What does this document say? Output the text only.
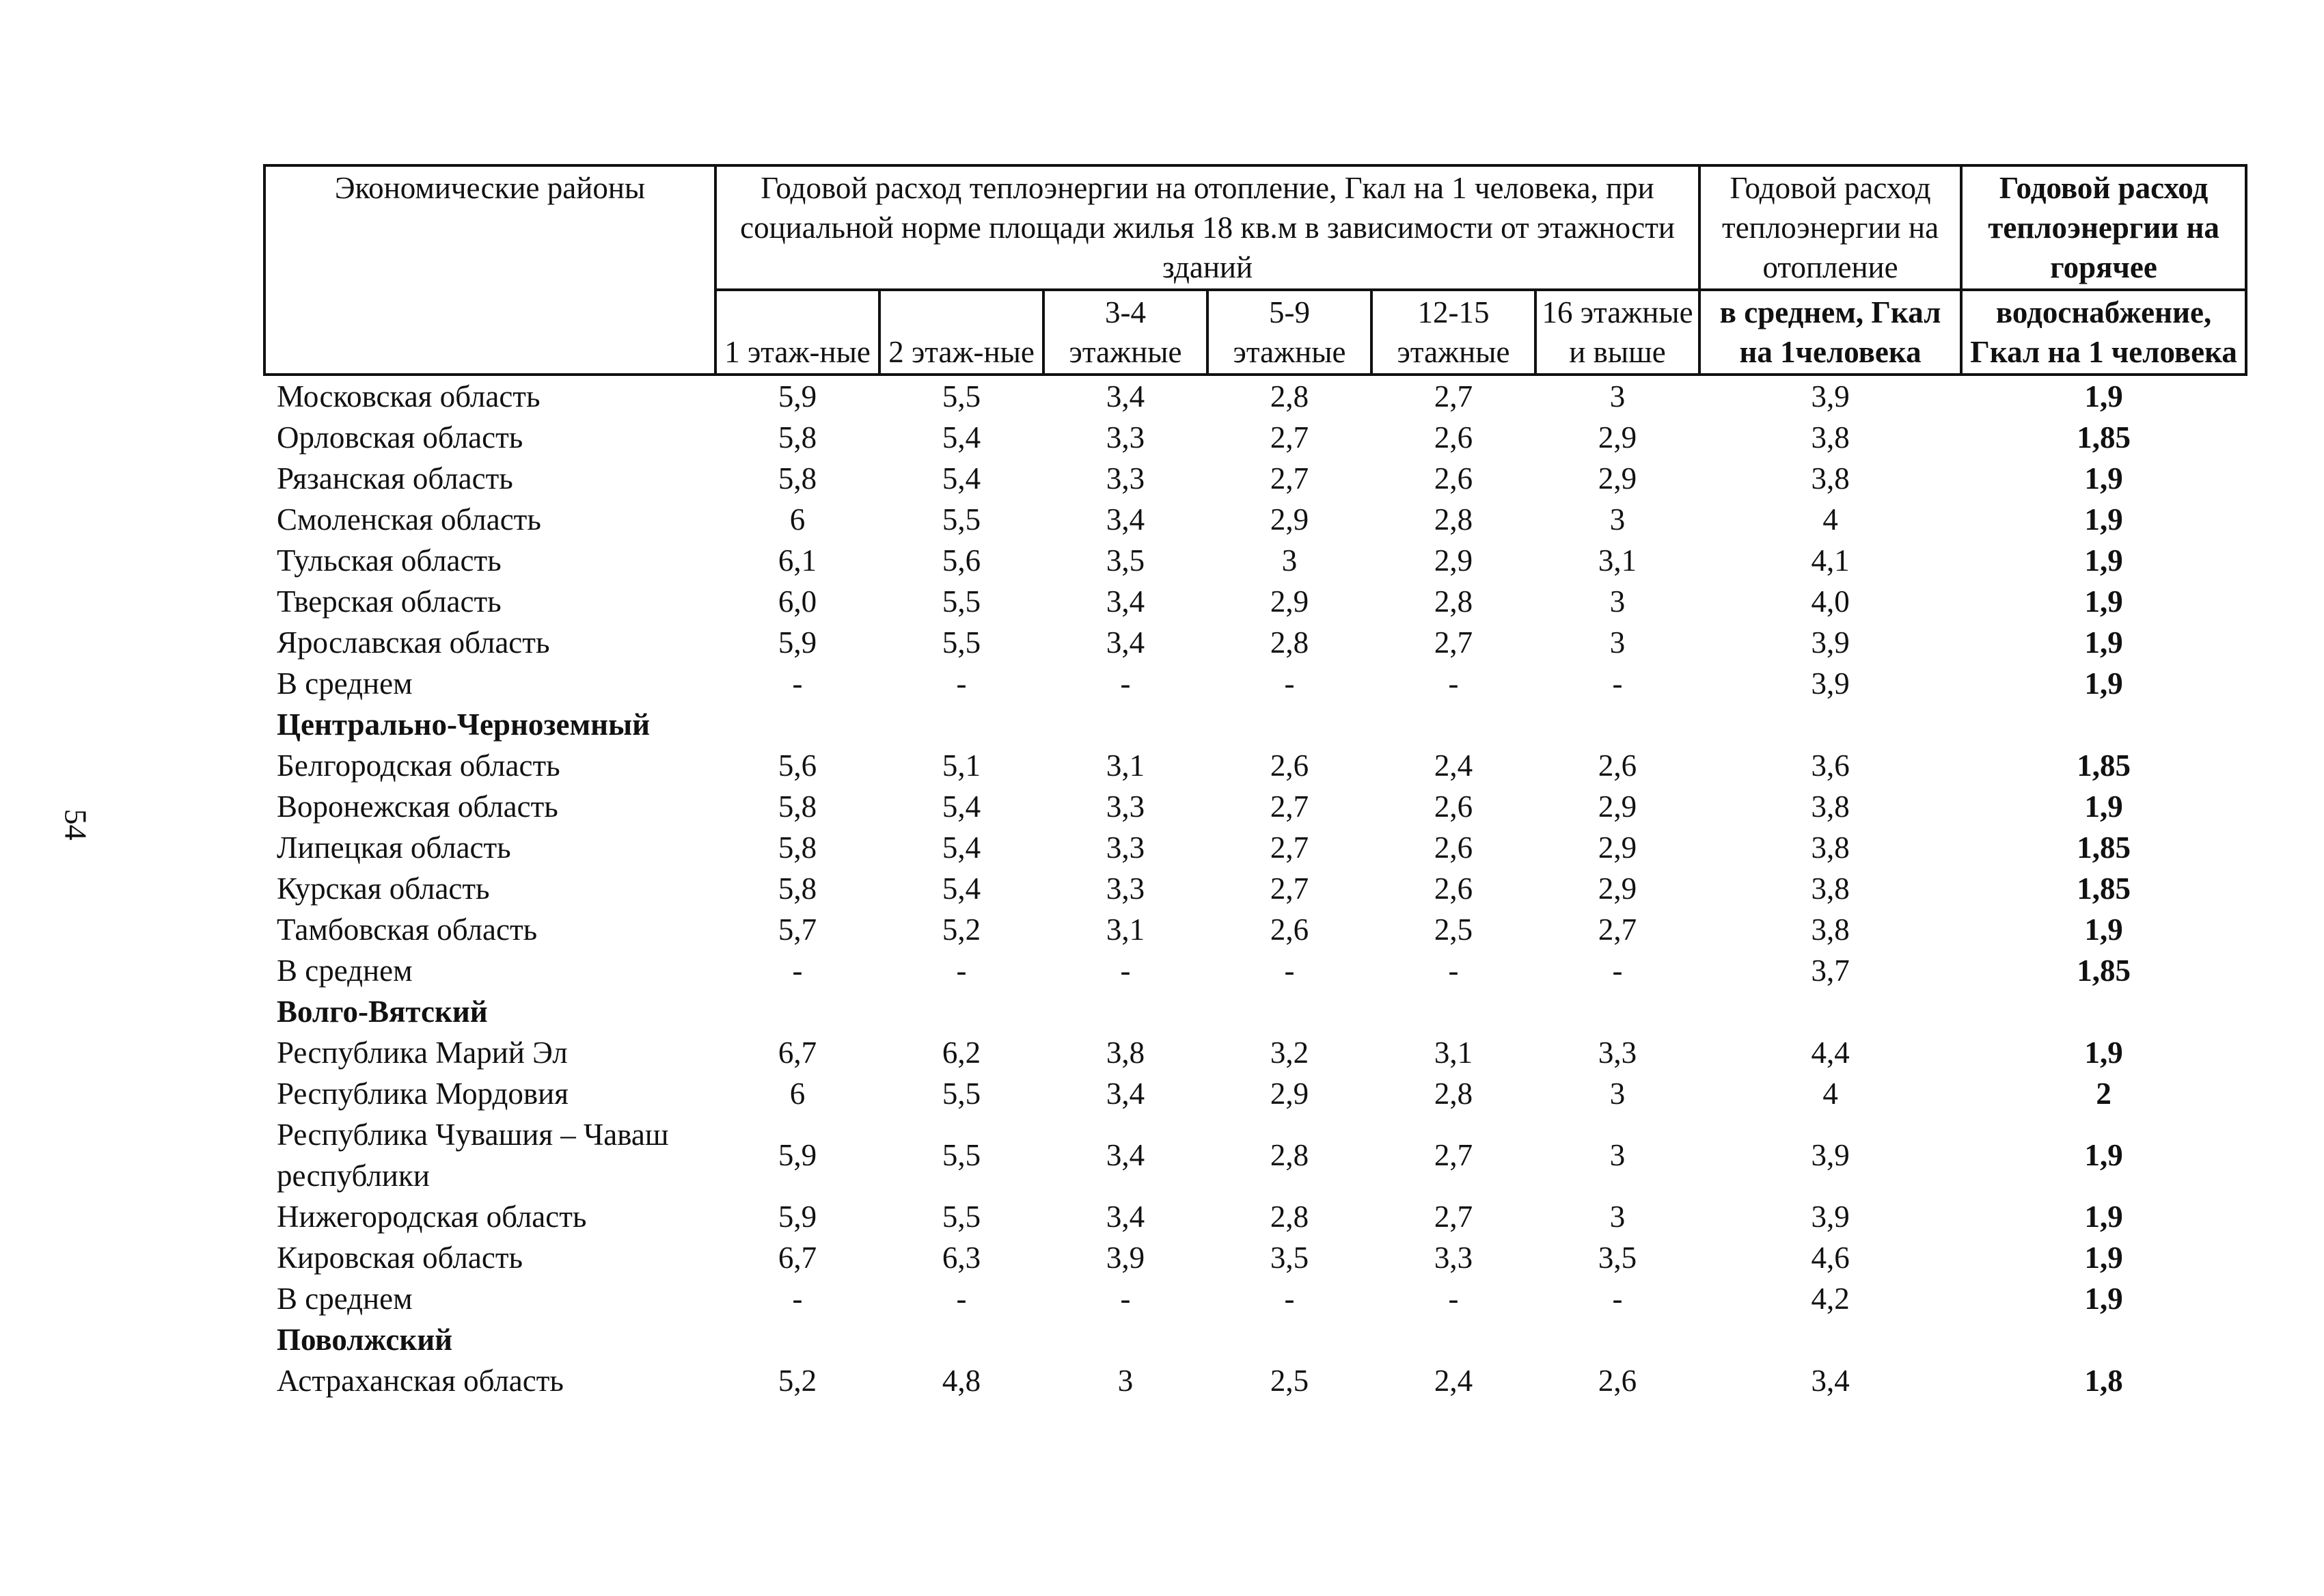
54
Экономические районы	Годовой расход теплоэнергии на отопление, Гкал на 1 человека, при социальной норме площади жилья 18 кв.м в зависимости от этажности зданий						Годовой расход теплоэнергии на отопление	Годовой расход теплоэнергии на горячее
	1 этаж-ные	2 этаж-ные	3-4 этажные	5-9 этажные	12-15 этажные	16 этажные и выше	в среднем, Гкал на 1человека	водоснабжение, Гкал на 1 человека
Московская область	5,9	5,5	3,4	2,8	2,7	3	3,9	1,9
Орловская область	5,8	5,4	3,3	2,7	2,6	2,9	3,8	1,85
Рязанская область	5,8	5,4	3,3	2,7	2,6	2,9	3,8	1,9
Смоленская область	6	5,5	3,4	2,9	2,8	3	4	1,9
Тульская область	6,1	5,6	3,5	3	2,9	3,1	4,1	1,9
Тверская область	6,0	5,5	3,4	2,9	2,8	3	4,0	1,9
Ярославская область	5,9	5,5	3,4	2,8	2,7	3	3,9	1,9
В среднем	-	-	-	-	-	-	3,9	1,9
Центрально-Черноземный								
Белгородская область	5,6	5,1	3,1	2,6	2,4	2,6	3,6	1,85
Воронежская область	5,8	5,4	3,3	2,7	2,6	2,9	3,8	1,9
Липецкая область	5,8	5,4	3,3	2,7	2,6	2,9	3,8	1,85
Курская область	5,8	5,4	3,3	2,7	2,6	2,9	3,8	1,85
Тамбовская область	5,7	5,2	3,1	2,6	2,5	2,7	3,8	1,9
В среднем	-	-	-	-	-	-	3,7	1,85
Волго-Вятский								
Республика Марий Эл	6,7	6,2	3,8	3,2	3,1	3,3	4,4	1,9
Республика Мордовия	6	5,5	3,4	2,9	2,8	3	4	2
Республика Чувашия – Чаваш республики	5,9	5,5	3,4	2,8	2,7	3	3,9	1,9
Нижегородская область	5,9	5,5	3,4	2,8	2,7	3	3,9	1,9
Кировская область	6,7	6,3	3,9	3,5	3,3	3,5	4,6	1,9
В среднем	-	-	-	-	-	-	4,2	1,9
Поволжский								
Астраханская область	5,2	4,8	3	2,5	2,4	2,6	3,4	1,8
